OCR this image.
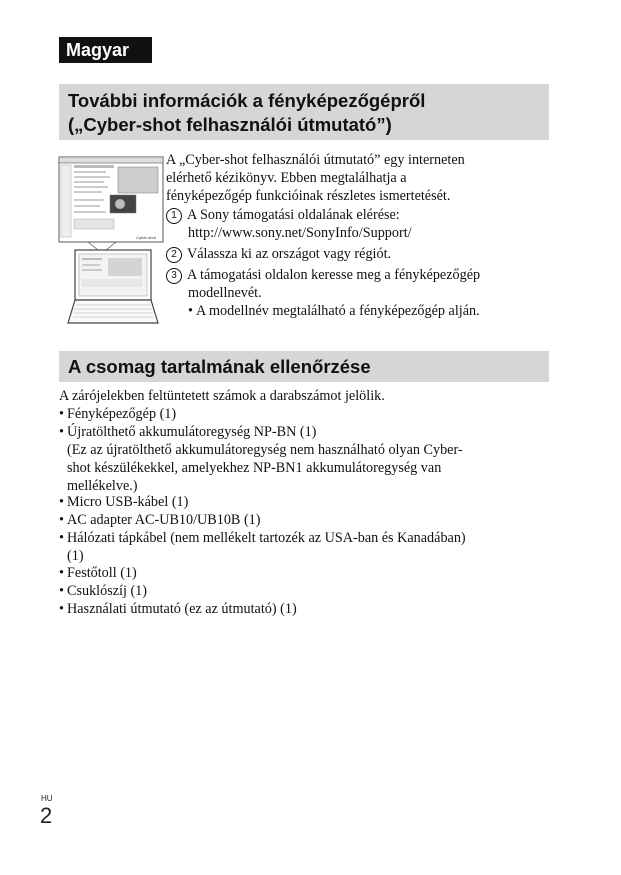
Magyar
További információk a fényképezőgépről
(„Cyber-shot felhasználói útmutató”)
Cyber-shot
A „Cyber-shot felhasználói útmutató” egy interneten
elérhető kézikönyv. Ebben megtalálhatja a
fényképezőgép funkcióinak részletes ismertetését.
1 A Sony támogatási oldalának elérése:
http://www.sony.net/SonyInfo/Support/
2 Válassza ki az országot vagy régiót.
3 A támogatási oldalon keresse meg a fényképezőgép
modellnevét.
• A modellnév megtalálható a fényképezőgép alján.
A csomag tartalmának ellenőrzése
A zárójelekben feltüntetett számok a darabszámot jelölik.
• Fényképezőgép (1)
• Újratölthető akkumulátoregység NP-BN (1)
(Ez az újratölthető akkumulátoregység nem használható olyan Cyber-
shot készülékekkel, amelyekhez NP-BN1 akkumulátoregység van
mellékelve.)
• Micro USB-kábel (1)
• AC adapter AC-UB10/UB10B (1)
• Hálózati tápkábel (nem mellékelt tartozék az USA-ban és Kanadában)
(1)
• Festőtoll (1)
• Csuklószíj (1)
• Használati útmutató (ez az útmutató) (1)
HU
2
